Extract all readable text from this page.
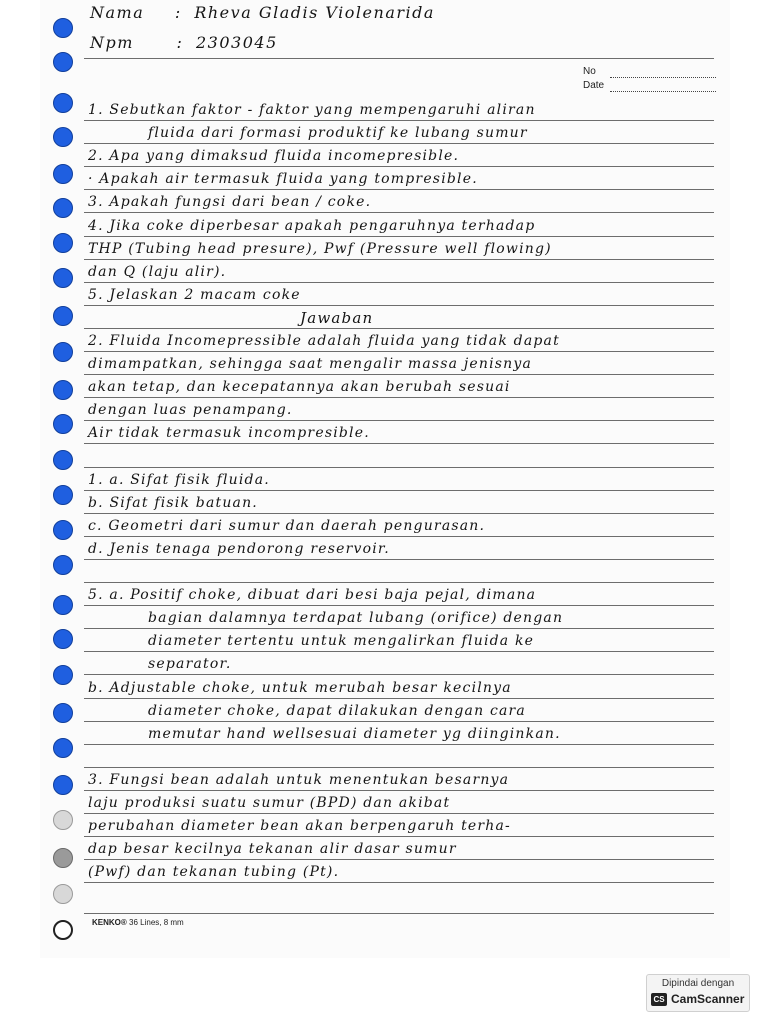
Nama : Rheva Gladis Violenarida
Npm	: 2303045
No
Date
1. Sebutkan faktor - faktor yang mempengaruhi aliran
fluida dari formasi produktif ke lubang sumur
2. Apa yang dimaksud fluida incomepresible.
· Apakah air termasuk fluida yang tompresible.
3. Apakah fungsi dari bean / coke.
4. Jika coke diperbesar apakah pengaruhnya terhadap
THP (Tubing head presure), Pwf (Pressure well flowing)
dan Q (laju alir).
5. Jelaskan 2 macam coke
Jawaban
2. Fluida Incomepressible adalah fluida yang tidak dapat
dimampatkan, sehingga saat mengalir massa jenisnya
akan tetap, dan kecepatannya akan berubah sesuai
dengan luas penampang.
Air tidak termasuk incompresible.
1. a. Sifat fisik fluida.
b. Sifat fisik batuan.
c. Geometri dari sumur dan daerah pengurasan.
d. Jenis tenaga pendorong reservoir.
5. a. Positif choke, dibuat dari besi baja pejal, dimana
bagian dalamnya terdapat lubang (orifice) dengan
diameter tertentu untuk mengalirkan fluida ke
separator.
b. Adjustable choke, untuk merubah besar kecilnya
diameter choke, dapat dilakukan dengan cara
memutar hand wellsesuai diameter yg diinginkan.
3. Fungsi bean adalah untuk menentukan besarnya
laju produksi suatu sumur (BPD) dan akibat
perubahan diameter bean akan berpengaruh terha-
dap besar kecilnya tekanan alir dasar sumur
(Pwf) dan tekanan tubing (Pt).
KENKO® 36 Lines, 8 mm
Dipindai dengan
CS CamScanner
